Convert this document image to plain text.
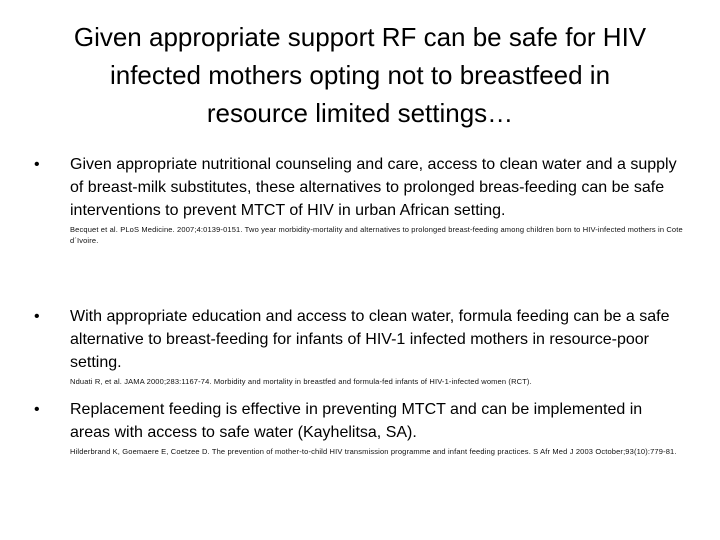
Given appropriate support RF can be safe for HIV
infected mothers opting not to breastfeed in
resource limited settings…
•	Given appropriate nutritional counseling and care, access to clean water and a supply of breast-milk substitutes, these alternatives to prolonged breas-feeding can be safe interventions to prevent MTCT of HIV in urban African setting.
Becquet et al. PLoS Medicine. 2007;4:0139-0151. Two year morbidity-mortality and alternatives to prolonged breast-feeding among children born to HIV-infected mothers in Cote d´Ivoire.
•	With appropriate education and access to clean water, formula feeding can be a safe alternative to breast-feeding for infants of HIV-1 infected mothers in resource-poor setting.
Nduati R, et al. JAMA 2000;283:1167-74. Morbidity and mortality in breastfed and formula-fed infants of HIV-1-infected women (RCT).
•	Replacement feeding is effective in preventing MTCT and can be implemented in areas with access to safe water (Kayhelitsa, SA).
Hilderbrand K, Goemaere E, Coetzee D. The prevention of mother-to-child HIV transmission programme and infant feeding practices. S Afr Med J 2003 October;93(10):779-81.
